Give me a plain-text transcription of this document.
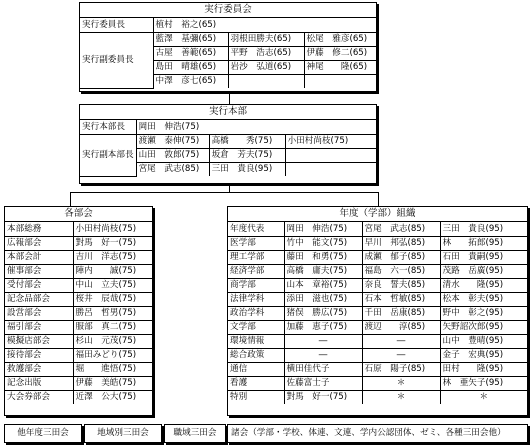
実行委員会
実行委員長	植村　裕之(65)		
実行副委員長	藍澤　基彌(65)	羽根田勝夫(65)	松尾　雅彦(65)
	古屋　善範(65)	平野　浩志(65)	伊藤　修二(65)
	島田　晴雄(65)	岩沙　弘道(65)	神尾　　隆(65)
	中澤　彦七(65)		
実行本部
実行本部長	岡田　伸浩(75)		
実行副本部長	渡瀬　泰伸(75)	高橋　　秀(75)	小田村尚枝(75)
	山田　敦郎(75)	坂倉　芳夫(75)	
	宮尾　武志(85)	三田　貴良(95)	
各部会
本部総務	小田村尚枝(75)
広報部会	對馬　好一(75)
本部会計	吉川　洋志(75)
催事部会	陣内　　誠(75)
受付部会	中山　立夫(75)
記念品部会	桜井　辰哉(75)
設営部会	勝呂　哲男(75)
福引部会	服部　真二(75)
模擬店部会	杉山　元茂(75)
接待部会	福田みどり(75)
救護部会	堀　　進悟(75)
記念出版	伊藤　美皓(75)
大会券部会	近澤　公大(75)
年度（学部）組織
年度代表	岡田　伸浩(75)	宮尾　武志(85)	三田　貴良(95)
医学部	竹中　能文(75)	早川　邦弘(85)	林　　拓郎(95)
理工学部	藤田　和勇(75)	成瀬　郁子(85)	石田　貴嗣(95)
経済学部	高橋　庸夫(75)	福島　六一(85)	茂路　岳廣(95)
商学部	山本　章裕(75)	奈良　誓夫(85)	清水　　隆(95)
法律学科	添田　滋也(75)	石本　哲敏(85)	松本　彰夫(95)
政治学科	猪俣　勝広(75)	千田　岳康(85)	野中　彰之(95)
文学部	加藤　恵子(75)	渡辺　　淳(85)	矢野詔次郎(95)
環境情報	―	―	山中　豊晴(95)
総合政策	―	―	金子　宏典(95)
通信	横田佳代子	石原　陽子(85)	田村　　隆(95)
看護	佐藤富士子	＊	林　亜矢子(95)
特別	對馬　好一(75)	＊	＊
他年度三田会	地域別三田会	職域三田会	諸会（学部・学校、体連、文連、学内公認団体、ゼミ、各種三田会他）
